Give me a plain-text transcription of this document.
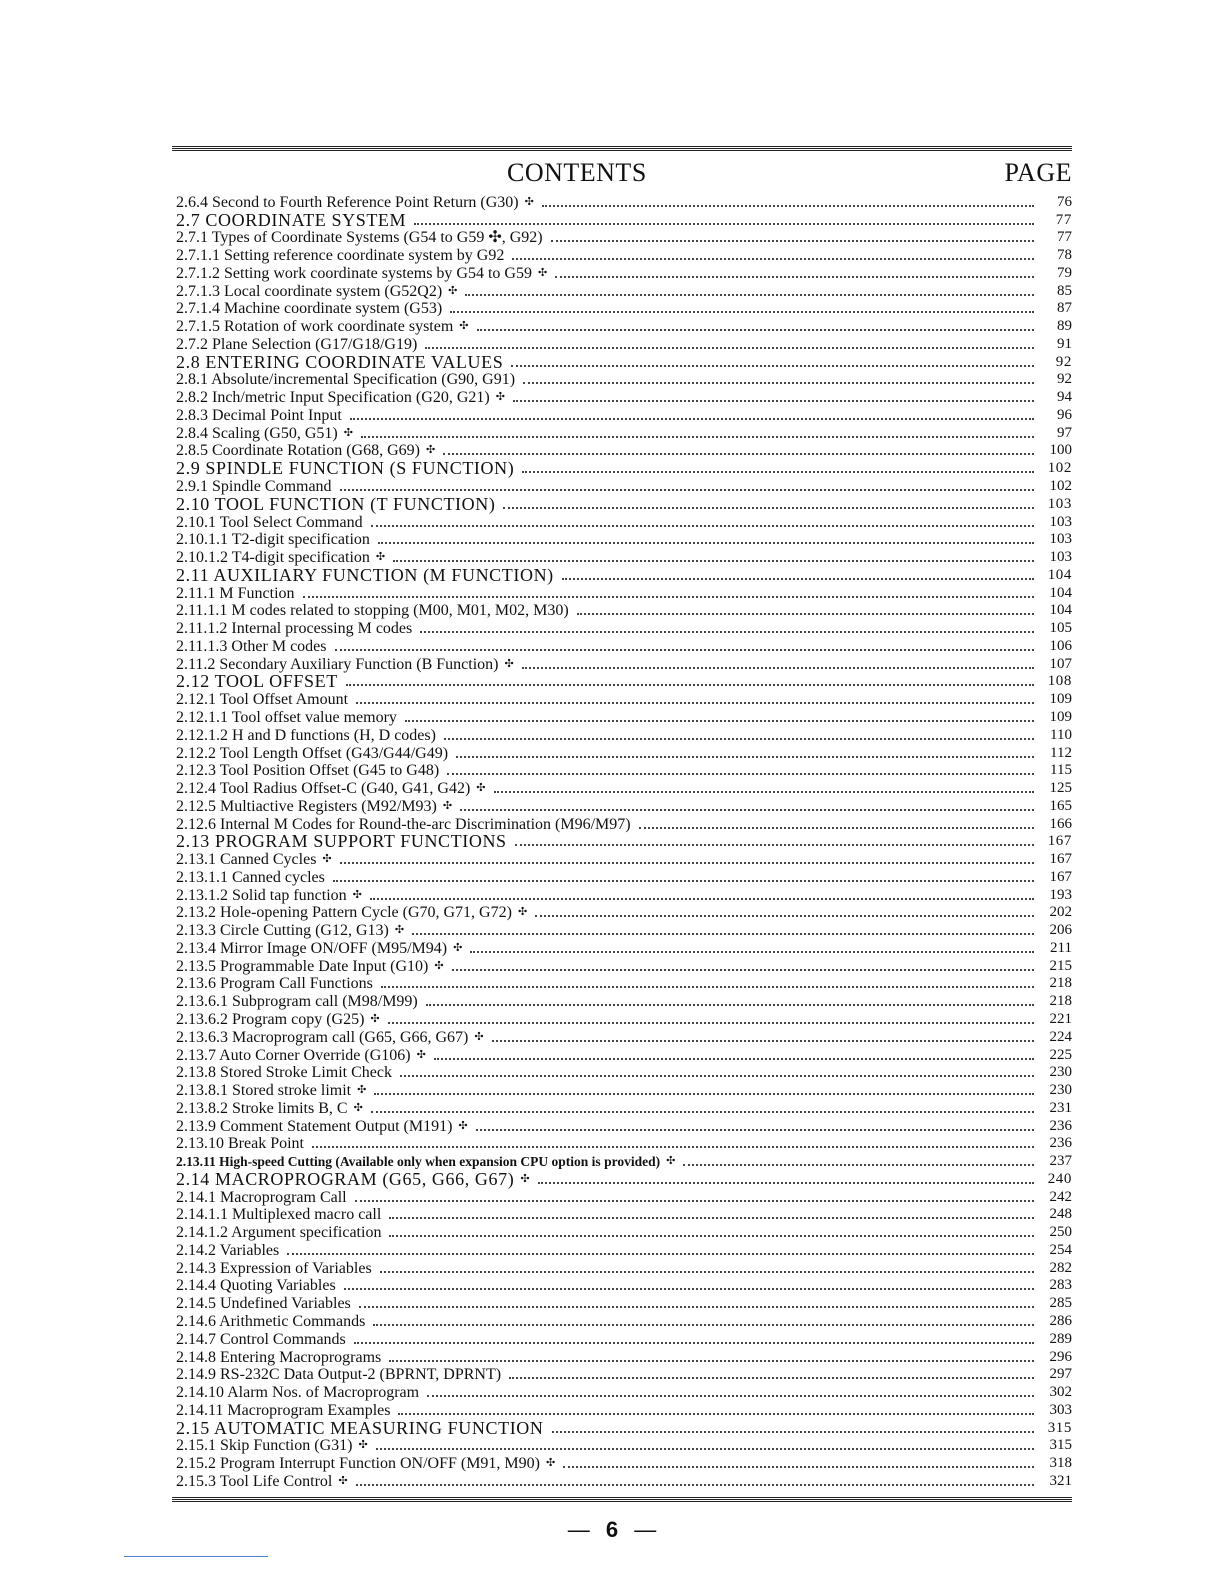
CONTENTS	PAGE
2.6.4 Second to Fourth Reference Point Return (G30) ✣	76
2.7 COORDINATE SYSTEM	77
2.7.1 Types of Coordinate Systems (G54 to G59 ✣, G92)	77
2.7.1.1 Setting reference coordinate system by G92	78
2.7.1.2 Setting work coordinate systems by G54 to G59 ✣	79
2.7.1.3 Local coordinate system (G52Q2) ✣	85
2.7.1.4 Machine coordinate system (G53)	87
2.7.1.5 Rotation of work coordinate system ✣	89
2.7.2 Plane Selection (G17/G18/G19)	91
2.8 ENTERING COORDINATE VALUES	92
2.8.1 Absolute/incremental Specification (G90, G91)	92
2.8.2 Inch/metric Input Specification (G20, G21) ✣	94
2.8.3 Decimal Point Input	96
2.8.4 Scaling (G50, G51) ✣	97
2.8.5 Coordinate Rotation (G68, G69) ✣	100
2.9 SPINDLE FUNCTION (S FUNCTION)	102
2.9.1 Spindle Command	102
2.10 TOOL FUNCTION (T FUNCTION)	103
2.10.1 Tool Select Command	103
2.10.1.1 T2-digit specification	103
2.10.1.2 T4-digit specification ✣	103
2.11 AUXILIARY FUNCTION (M FUNCTION)	104
2.11.1 M Function	104
2.11.1.1 M codes related to stopping (M00, M01, M02, M30)	104
2.11.1.2 Internal processing M codes	105
2.11.1.3 Other M codes	106
2.11.2 Secondary Auxiliary Function (B Function) ✣	107
2.12 TOOL OFFSET	108
2.12.1 Tool Offset Amount	109
2.12.1.1 Tool offset value memory	109
2.12.1.2 H and D functions (H, D codes)	110
2.12.2 Tool Length Offset (G43/G44/G49)	112
2.12.3 Tool Position Offset (G45 to G48)	115
2.12.4 Tool Radius Offset-C (G40, G41, G42) ✣	125
2.12.5 Multiactive Registers (M92/M93) ✣	165
2.12.6 Internal M Codes for Round-the-arc Discrimination (M96/M97)	166
2.13 PROGRAM SUPPORT FUNCTIONS	167
2.13.1 Canned Cycles ✣	167
2.13.1.1 Canned cycles	167
2.13.1.2 Solid tap function ✣	193
2.13.2 Hole-opening Pattern Cycle (G70, G71, G72) ✣	202
2.13.3 Circle Cutting (G12, G13) ✣	206
2.13.4 Mirror Image ON/OFF (M95/M94) ✣	211
2.13.5 Programmable Date Input (G10) ✣	215
2.13.6 Program Call Functions	218
2.13.6.1 Subprogram call (M98/M99)	218
2.13.6.2 Program copy (G25) ✣	221
2.13.6.3 Macroprogram call (G65, G66, G67) ✣	224
2.13.7 Auto Corner Override (G106) ✣	225
2.13.8 Stored Stroke Limit Check	230
2.13.8.1 Stored stroke limit ✣	230
2.13.8.2 Stroke limits B, C ✣	231
2.13.9 Comment Statement Output (M191) ✣	236
2.13.10 Break Point	236
2.13.11 High-speed Cutting (Available only when expansion CPU option is provided) ✣	237
2.14 MACROPROGRAM (G65, G66, G67) ✣	240
2.14.1 Macroprogram Call	242
2.14.1.1 Multiplexed macro call	248
2.14.1.2 Argument specification	250
2.14.2 Variables	254
2.14.3 Expression of Variables	282
2.14.4 Quoting Variables	283
2.14.5 Undefined Variables	285
2.14.6 Arithmetic Commands	286
2.14.7 Control Commands	289
2.14.8 Entering Macroprograms	296
2.14.9 RS-232C Data Output-2 (BPRNT, DPRNT)	297
2.14.10 Alarm Nos. of Macroprogram	302
2.14.11 Macroprogram Examples	303
2.15 AUTOMATIC MEASURING FUNCTION	315
2.15.1 Skip Function (G31) ✣	315
2.15.2 Program Interrupt Function ON/OFF (M91, M90) ✣	318
2.15.3 Tool Life Control ✣	321
— 6 —
